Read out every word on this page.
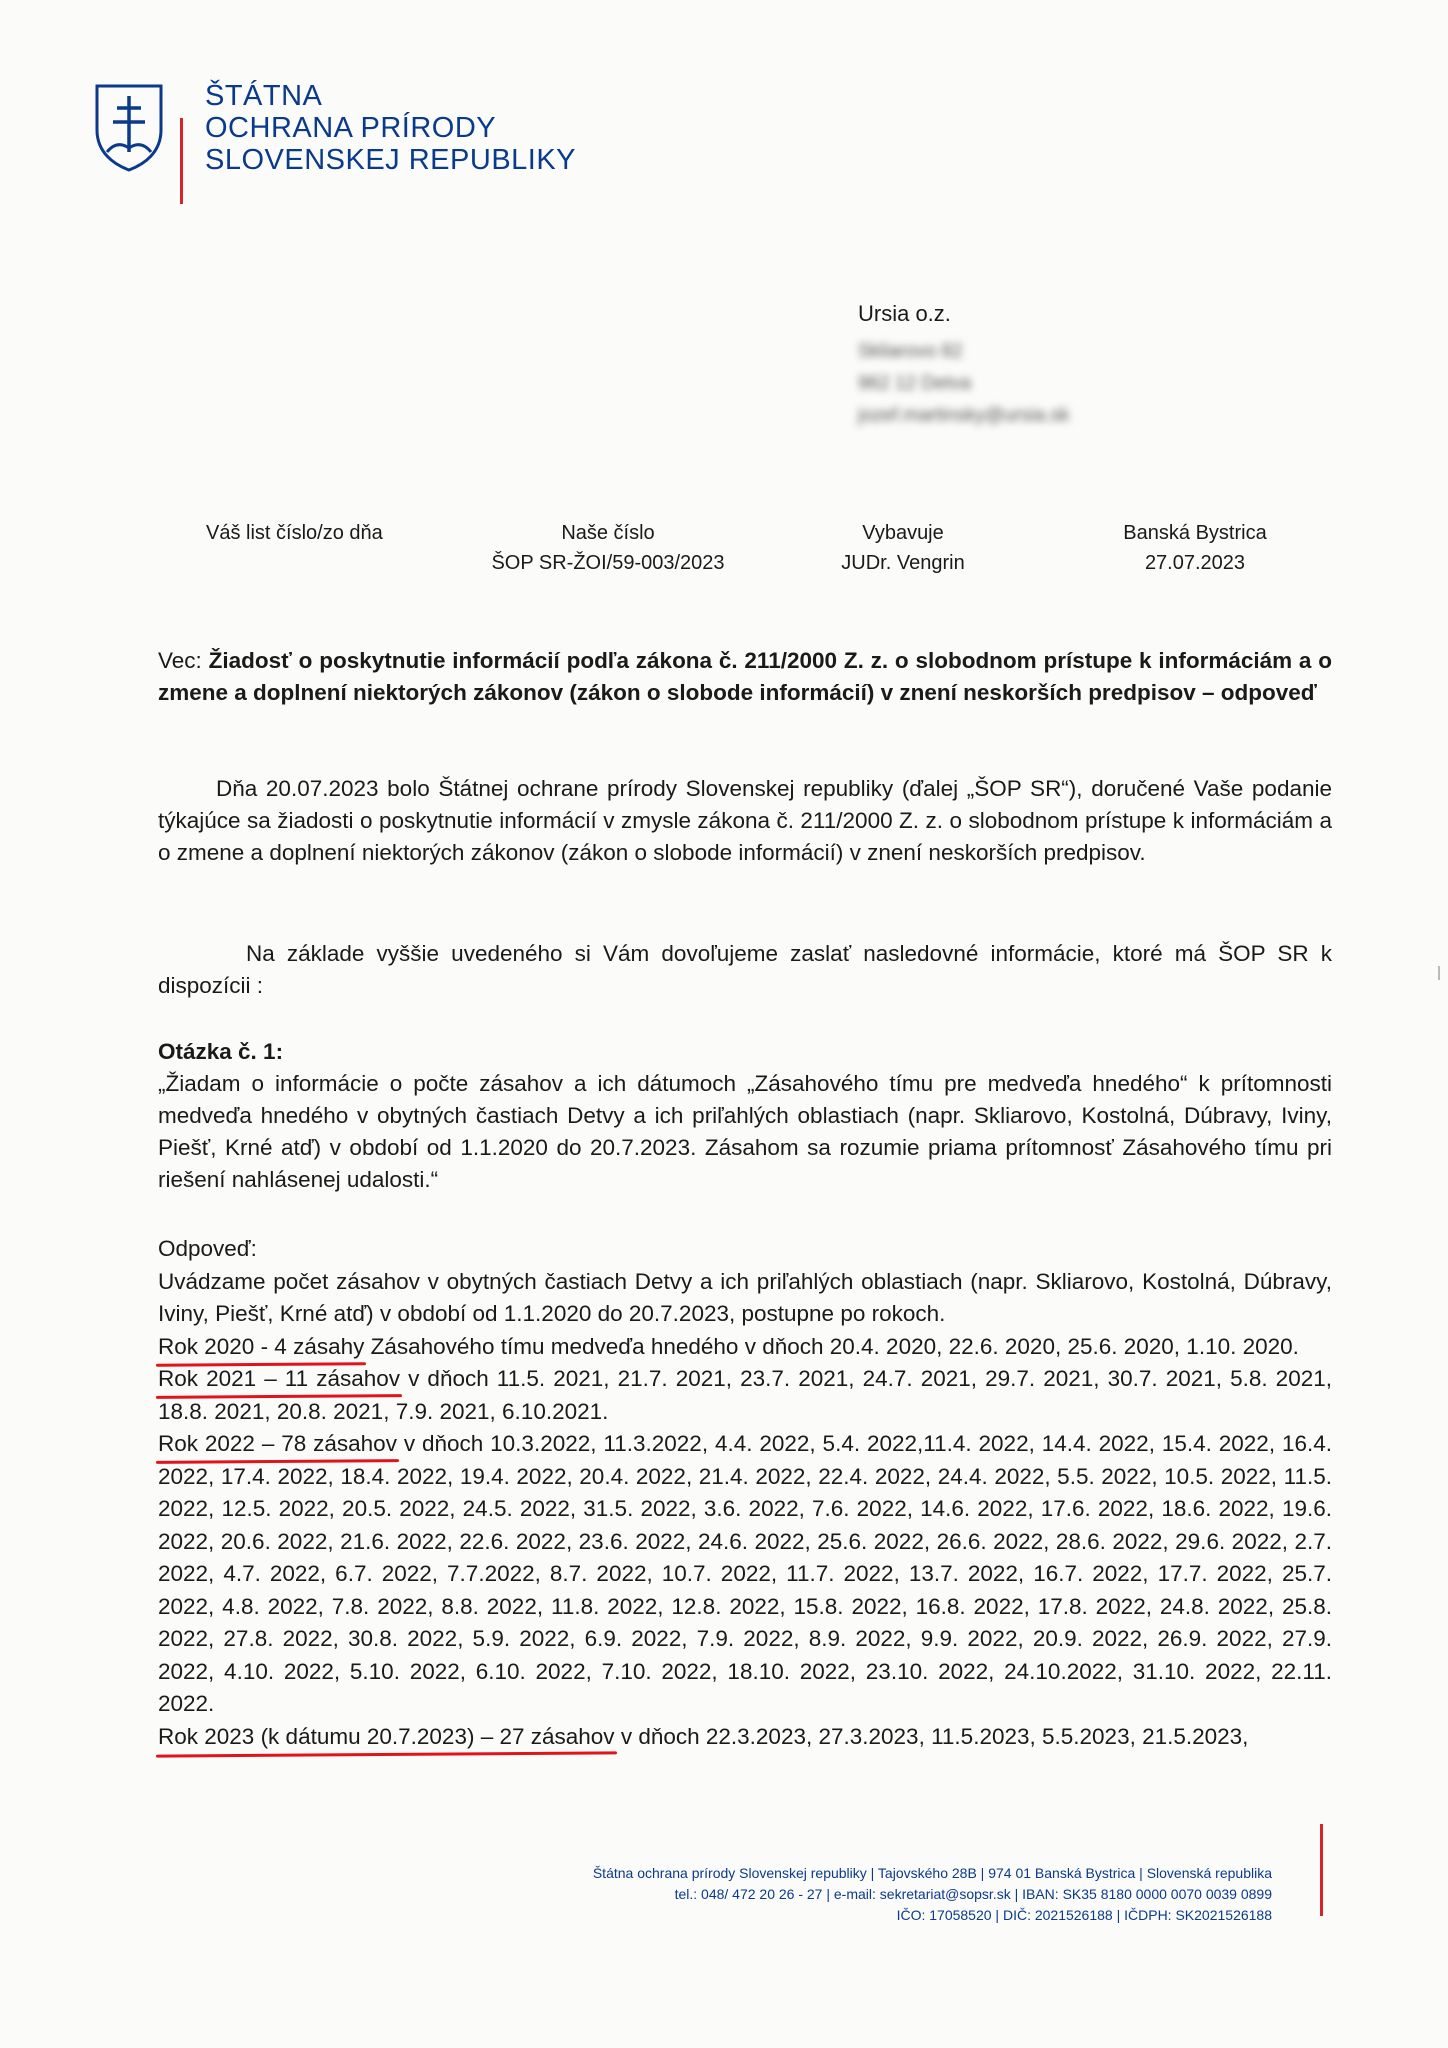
ŠTÁTNA
OCHRANA PRÍRODY
SLOVENSKEJ REPUBLIKY
Ursia o.z.
Skliarovo 82
962 12 Detva
jozef.martinsky@ursia.sk
Váš list číslo/zo dňa	Naše číslo
ŠOP SR-ŽOI/59-003/2023
Vybavuje
JUDr. Vengrin
Banská Bystrica
27.07.2023
Vec: Žiadosť o poskytnutie informácií podľa zákona č. 211/2000 Z. z. o slobodnom prístupe k informáciám a o zmene a doplnení niektorých zákonov (zákon o slobode informácií) v znení neskorších predpisov – odpoveď
Dňa 20.07.2023 bolo Štátnej ochrane prírody Slovenskej republiky (ďalej „ŠOP SR“), doručené Vaše podanie týkajúce sa žiadosti o poskytnutie informácií v zmysle zákona č. 211/2000 Z. z. o slobodnom prístupe k informáciám a o zmene a doplnení niektorých zákonov (zákon o slobode informácií) v znení neskorších predpisov.
Na základe vyššie uvedeného si Vám dovoľujeme zaslať nasledovné informácie, ktoré má ŠOP SR k dispozícii :

Otázka č. 1:

„Žiadam o informácie o počte zásahov a ich dátumoch „Zásahového tímu pre medveďa hnedého“ k prítomnosti medveďa hnedého v obytných častiach Detvy a ich priľahlých oblastiach (napr. Skliarovo, Kostolná, Dúbravy, Iviny, Piešť, Krné atď) v období od 1.1.2020 do 20.7.2023. Zásahom sa rozumie priama prítomnosť Zásahového tímu pri riešení nahlásenej udalosti.“

Odpoveď:

Uvádzame počet zásahov v obytných častiach Detvy a ich priľahlých oblastiach (napr. Skliarovo, Kostolná, Dúbravy, Iviny, Piešť, Krné atď) v období od 1.1.2020 do 20.7.2023, postupne po rokoch.

Rok 2020 - 4 zásahy
Zásahového tímu medveďa hnedého v dňoch 20.4. 2020, 22.6. 2020, 25.6. 2020, 1.10. 2020.

Rok 2021 – 11 zásahov
v dňoch 11.5. 2021, 21.7. 2021, 23.7. 2021, 24.7. 2021, 29.7. 2021, 30.7. 2021, 5.8. 2021, 18.8. 2021, 20.8. 2021, 7.9. 2021, 6.10.2021.

Rok 2022 – 78 zásahov
v dňoch 10.3.2022, 11.3.2022, 4.4. 2022, 5.4. 2022,11.4. 2022, 14.4. 2022, 15.4. 2022, 16.4. 2022, 17.4. 2022, 18.4. 2022, 19.4. 2022, 20.4. 2022, 21.4. 2022, 22.4. 2022, 24.4. 2022, 5.5. 2022, 10.5. 2022, 11.5. 2022, 12.5. 2022, 20.5. 2022, 24.5. 2022, 31.5. 2022, 3.6. 2022, 7.6. 2022, 14.6. 2022, 17.6. 2022, 18.6. 2022, 19.6. 2022, 20.6. 2022, 21.6. 2022, 22.6. 2022, 23.6. 2022, 24.6. 2022, 25.6. 2022, 26.6. 2022, 28.6. 2022, 29.6. 2022, 2.7. 2022, 4.7. 2022, 6.7. 2022, 7.7.2022, 8.7. 2022, 10.7. 2022, 11.7. 2022, 13.7. 2022, 16.7. 2022, 17.7. 2022, 25.7. 2022, 4.8. 2022, 7.8. 2022, 8.8. 2022, 11.8. 2022, 12.8. 2022, 15.8. 2022, 16.8. 2022, 17.8. 2022, 24.8. 2022, 25.8. 2022, 27.8. 2022, 30.8. 2022, 5.9. 2022, 6.9. 2022, 7.9. 2022, 8.9. 2022, 9.9. 2022, 20.9. 2022, 26.9. 2022, 27.9. 2022, 4.10. 2022, 5.10. 2022, 6.10. 2022, 7.10. 2022, 18.10. 2022, 23.10. 2022, 24.10.2022, 31.10. 2022, 22.11. 2022.

Rok 2023 (k dátumu 20.7.2023) – 27 zásahov
v dňoch 22.3.2023, 27.3.2023, 11.5.2023, 5.5.2023, 21.5.2023,

Štátna ochrana prírody Slovenskej republiky | Tajovského 28B | 974 01 Banská Bystrica | Slovenská republika
tel.: 048/ 472 20 26 - 27 | e-mail: sekretariat@sopsr.sk | IBAN: SK35 8180 0000 0070 0039 0899
IČO: 17058520 | DIČ: 2021526188 | IČDPH: SK2021526188
